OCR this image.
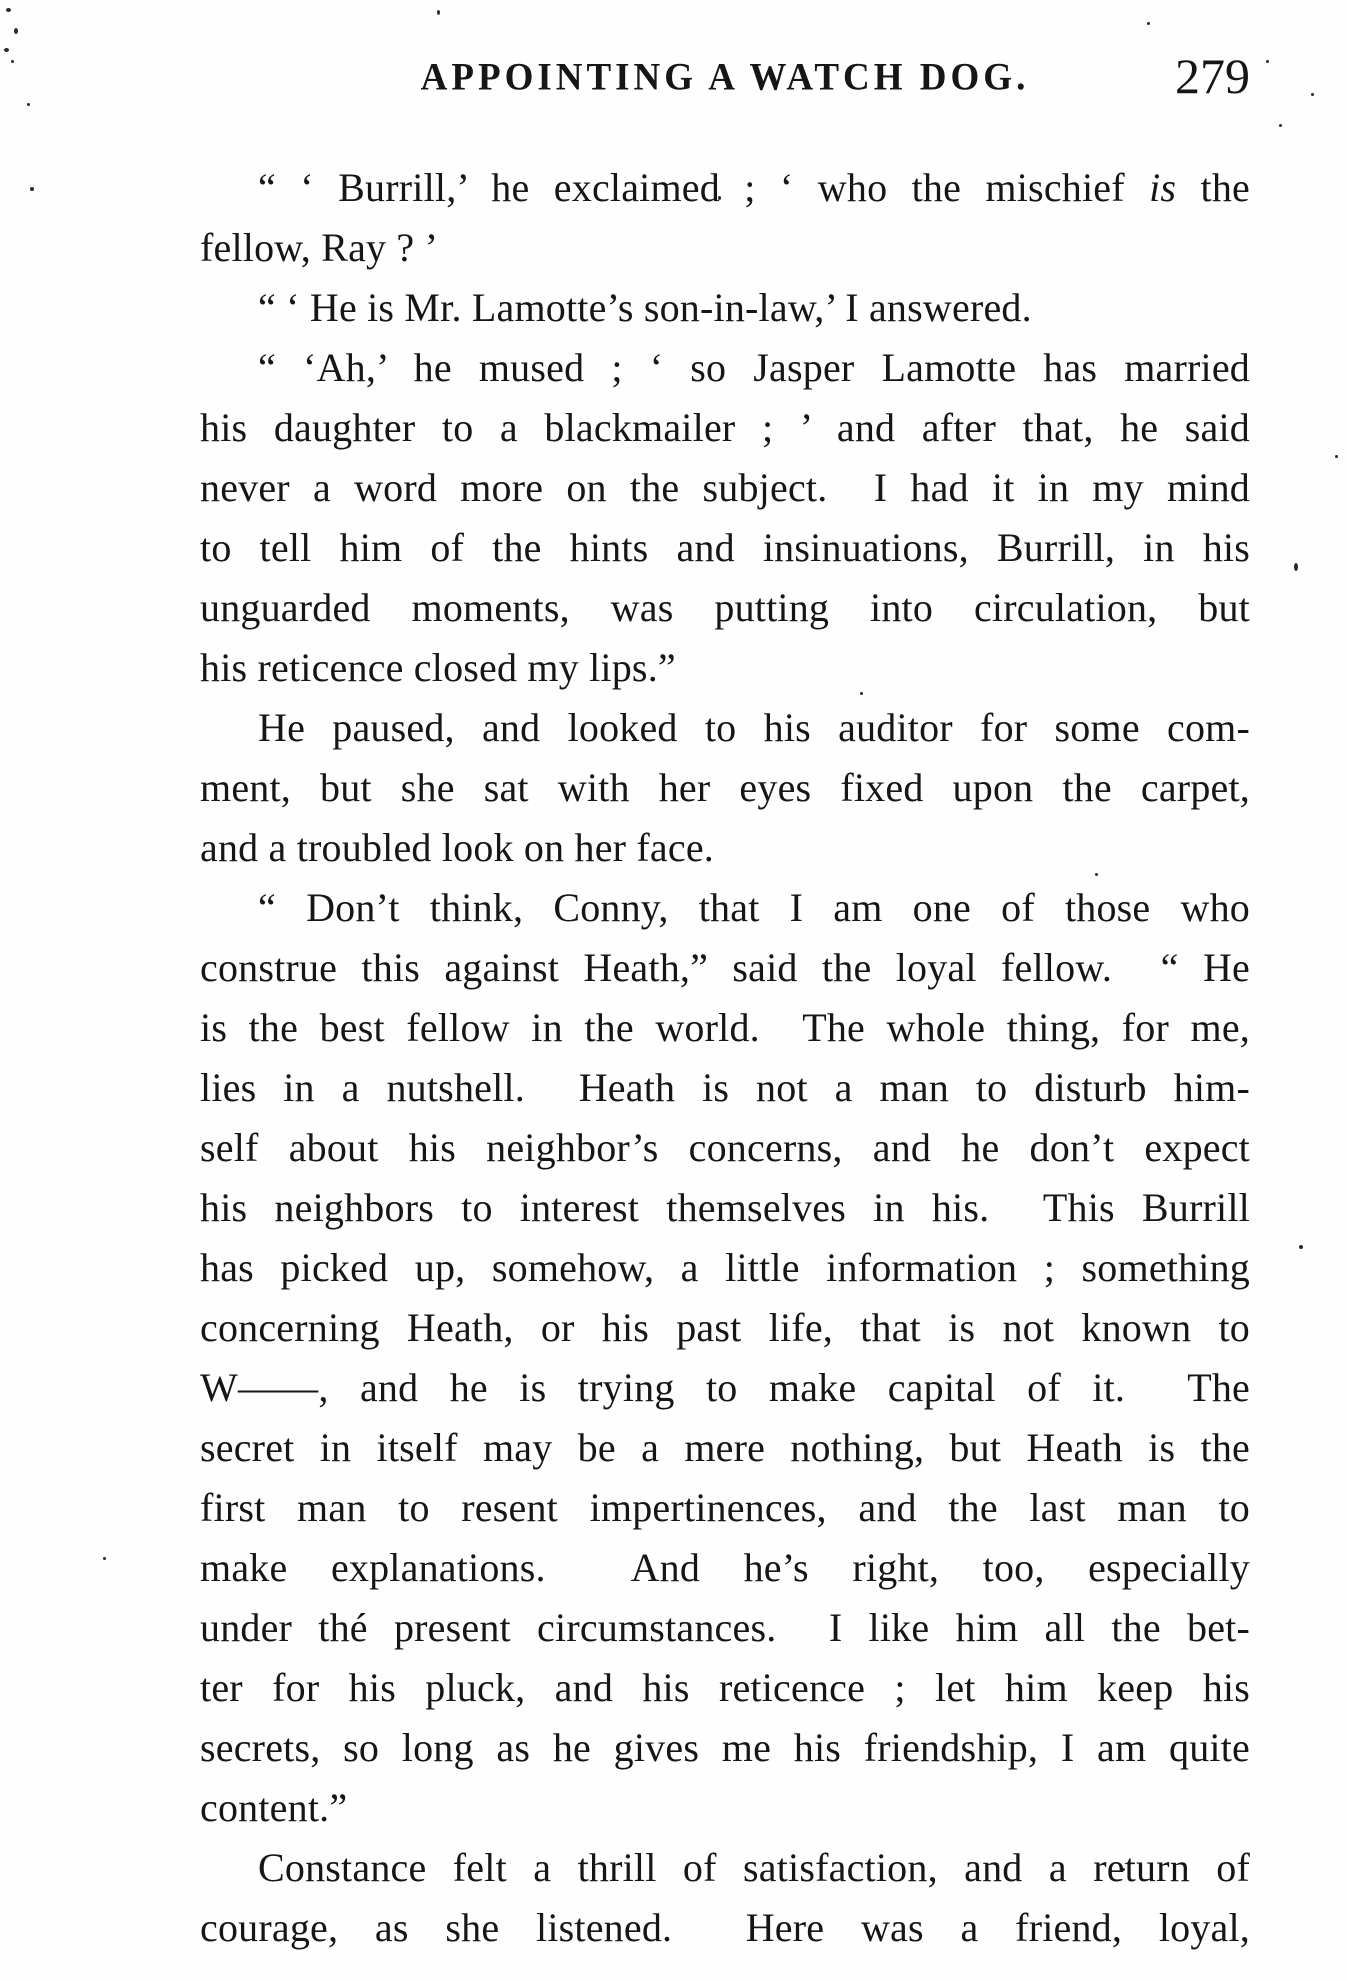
APPOINTING A WATCH DOG.	279
“ ‘ Burrill,’ he exclaimed ; ‘ who the mischief is the
fellow, Ray ? ’
“ ‘ He is Mr. Lamotte’s son-in-law,’ I answered.
“ ‘Ah,’ he mused ; ‘ so Jasper Lamotte has married
his daughter to a blackmailer ; ’ and after that, he said
never a word more on the subject.  I had it in my mind
to tell him of the hints and insinuations, Burrill, in his
unguarded moments, was putting into circulation, but
his reticence closed my lips.”
He paused, and looked to his auditor for some com-
ment, but she sat with her eyes fixed upon the carpet,
and a troubled look on her face.
“ Don’t think, Conny, that I am one of those who
construe this against Heath,” said the loyal fellow.  “ He
is the best fellow in the world.  The whole thing, for me,
lies in a nutshell.  Heath is not a man to disturb him-
self about his neighbor’s concerns, and he don’t expect
his neighbors to interest themselves in his.  This Burrill
has picked up, somehow, a little information ; something
concerning Heath, or his past life, that is not known to
W——, and he is trying to make capital of it.  The
secret in itself may be a mere nothing, but Heath is the
first man to resent impertinences, and the last man to
make explanations.  And he’s right, too, especially
under thé present circumstances.  I like him all the bet-
ter for his pluck, and his reticence ; let him keep his
secrets, so long as he gives me his friendship, I am quite
content.”
Constance felt a thrill of satisfaction, and a return of
courage, as she listened.  Here was a friend, loyal,
